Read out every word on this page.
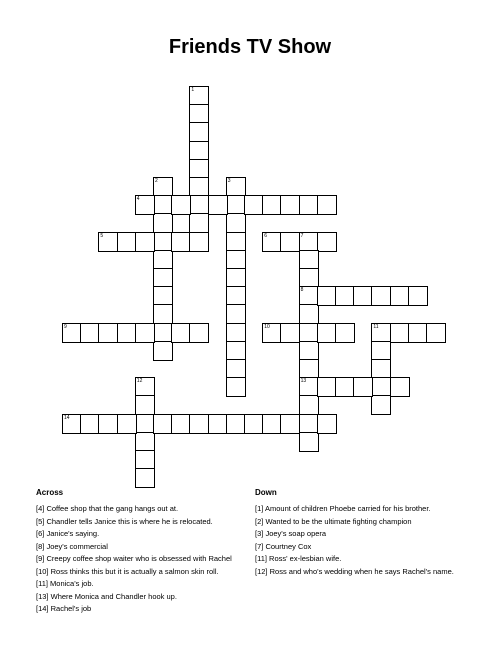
Friends TV Show
1
2	3
4
5	6	7
8
13
9	10	11
12
14
Across	Down
[4] Coffee shop that the gang hangs out at.
[5] Chandler tells Janice this is where he is relocated.
[6] Janice's saying.
[8] Joey's commercial
[9] Creepy coffee shop waiter who is obsessed with Rachel
[10] Ross thinks this but it is actually a salmon skin roll.
[11] Monica's job.
[13] Where Monica and Chandler hook up.
[14] Rachel's job
[1] Amount of children Phoebe carried for his brother.
[2] Wanted to be the ultimate fighting champion
[3] Joey's soap opera
[7] Courtney Cox
[11] Ross' ex-lesbian wife.
[12] Ross and who's wedding when he says Rachel's name.
